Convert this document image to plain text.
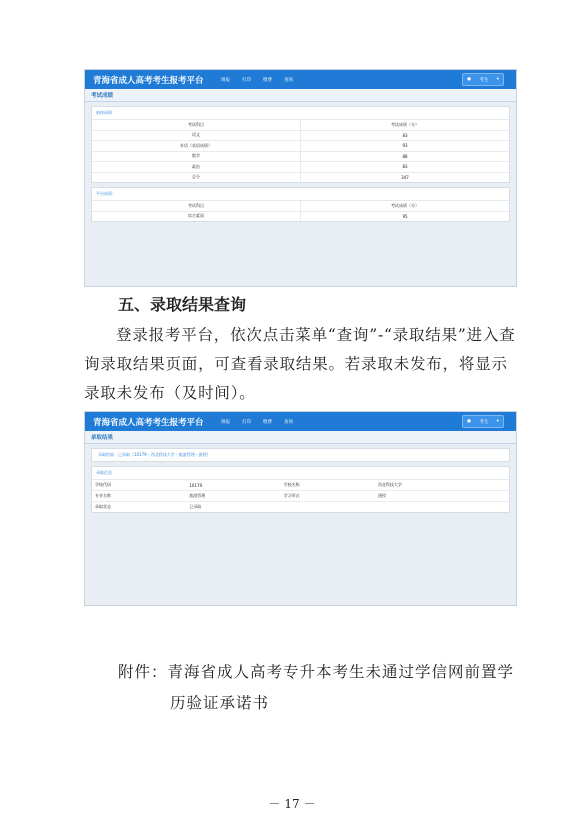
青海省成人高考考生报考平台	填报	打印	缴费	查询	● 考生 ▾
考试成绩
最终成绩：
考试科目	考试成绩（分）
语文	83
外语（英语成绩）	93
数学	88
政治	83
总分	347
平台成绩：
考试科目	考试成绩（分）
综合素质	95
五、录取结果查询
登录报考平台，依次点击菜单“查询”-“录取结果”进入查询录取结果页面，可查看录取结果。若录取未发布，将显示录取未发布（及时间）。
青海省成人高考考生报考平台	填报	打印	缴费	查询	● 考生 ▾
录取结果
录取结果：已录取（10179 - 西北科技大学 - 旅游管理 - 函授）
录取信息
学校代码	10179	学校名称	西北科技大学
专业名称	旅游管理	学习形式	函授
录取状态	已录取		
附件：青海省成人高考专升本考生未通过学信网前置学
历验证承诺书
－ 17 －
